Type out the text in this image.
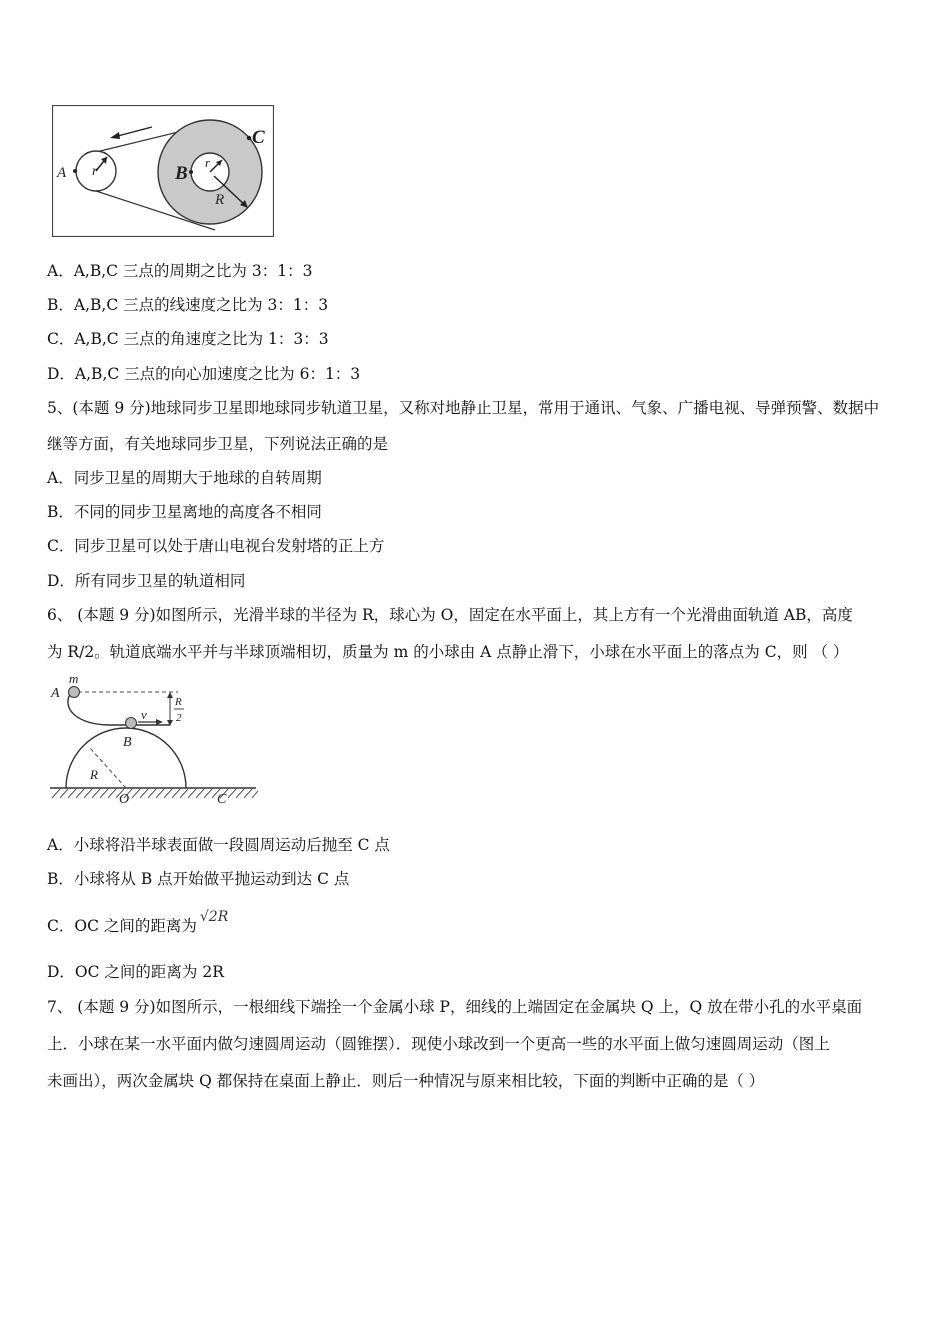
A r	B
r
R
C
A．A,B,C 三点的周期之比为 3：1：3
B．A,B,C 三点的线速度之比为 3：1：3
C．A,B,C 三点的角速度之比为 1：3：3
D．A,B,C 三点的向心加速度之比为 6：1：3
5、(本题 9 分)地球同步卫星即地球同步轨道卫星，又称对地静止卫星，常用于通讯、气象、广播电视、导弹预警、数据中
继等方面，有关地球同步卫星，下列说法正确的是
A．同步卫星的周期大于地球的自转周期
B．不同的同步卫星离地的高度各不相同
C．同步卫星可以处于唐山电视台发射塔的正上方
D．所有同步卫星的轨道相同
6、 (本题 9 分)如图所示，光滑半球的半径为 R，球心为 O，固定在水平面上，其上方有一个光滑曲面轨道 AB，高度
为 R/2。轨道底端水平并与半球顶端相切，质量为 m 的小球由 A 点静止滑下，小球在水平面上的落点为 C，则 （ ）
R
2
m
A
v
B
R
O	C
A．小球将沿半球表面做一段圆周运动后抛至 C 点
B．小球将从 B 点开始做平抛运动到达 C 点
C．OC 之间的距离为 √2R
D．OC 之间的距离为 2R
7、 (本题 9 分)如图所示，一根细线下端拴一个金属小球 P，细线的上端固定在金属块 Q 上，Q 放在带小孔的水平桌面
上．小球在某一水平面内做匀速圆周运动（圆锥摆）．现使小球改到一个更高一些的水平面上做匀速圆周运动（图上
未画出），两次金属块 Q 都保持在桌面上静止．则后一种情况与原来相比较，下面的判断中正确的是（ ）
